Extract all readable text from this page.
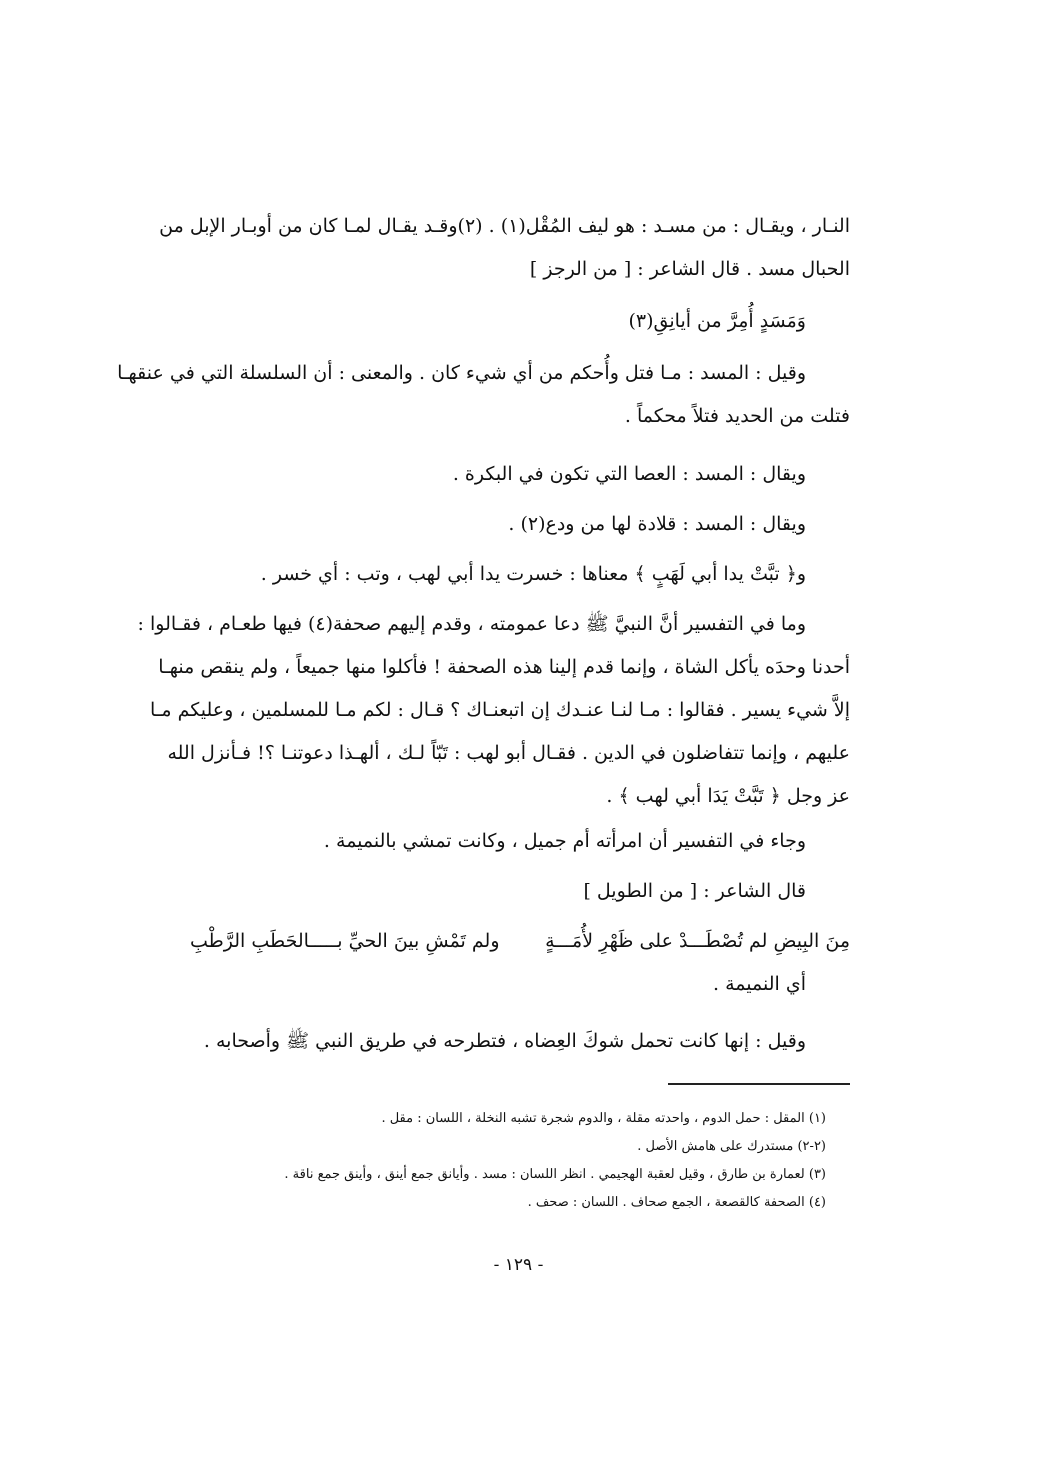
النـار ، ويقـال : من مسـد : هو ليف المُقْل(١) . (٢)وقـد يقـال لمـا كان من أوبـار الإبل من
الحبال مسد . قال الشاعر : [ من الرجز ]
وَمَسَدٍ أُمِرَّ من أيانِقِ(٣)
وقيل : المسد : مـا فتل وأُحكم من أي شيء كان . والمعنى : أن السلسلة التي في عنقهـا
فتلت من الحديد فتلاً محكماً .
ويقال : المسد : العصا التي تكون في البكرة .
ويقال : المسد : قلادة لها من ودع(٢) .
و﴿ تبَّتْ يدا أبي لَهَبٍ ﴾ معناها : خسرت يدا أبي لهب ، وتب : أي خسر .
وما في التفسير أنَّ النبيَّ ﷺ دعا عمومته ، وقدم إليهم صحفة(٤) فيها طعـام ، فقـالوا :
أحدنا وحدَه يأكل الشاة ، وإنما قدم إلينا هذه الصحفة ! فأكلوا منها جميعاً ، ولم ينقص منهـا
إلاَّ شيء يسير . فقالوا : مـا لنـا عنـدك إن اتبعنـاك ؟ قـال : لكم مـا للمسلمين ، وعليكم مـا
عليهم ، وإنما تتفاضلون في الدين . فقـال أبو لهب : تَبّاً لـك ، ألهـذا دعوتنـا ؟! فـأنزل الله
عز وجل ﴿ تَبَّتْ يَدَا أبي لهب ﴾ .
وجاء في التفسير أن امرأته أم جميل ، وكانت تمشي بالنميمة .
قال الشاعر : [ من الطويل ]
مِنَ البِيضِ لم تُصْطَـــدْ على ظَهْرِ لأُمَـــةٍ
ولم تَمْشِ بينَ الحيِّ بـــــالحَطَبِ الرَّطْبِ
أي النميمة .
وقيل : إنها كانت تحمل شوكَ العِضاه ، فتطرحه في طريق النبي ﷺ وأصحابه .
(١) المقل : حمل الدوم ، واحدته مقلة ، والدوم شجرة تشبه النخلة ، اللسان : مقل .
(٢-٢) مستدرك على هامش الأصل .
(٣) لعمارة بن طارق ، وقيل لعقبة الهجيمي . انظر اللسان : مسد . وأيانق جمع أينق ، وأينق جمع ناقة .
(٤) الصحفة كالقصعة ، الجمع صحاف . اللسان : صحف .
- ١٢٩ -
